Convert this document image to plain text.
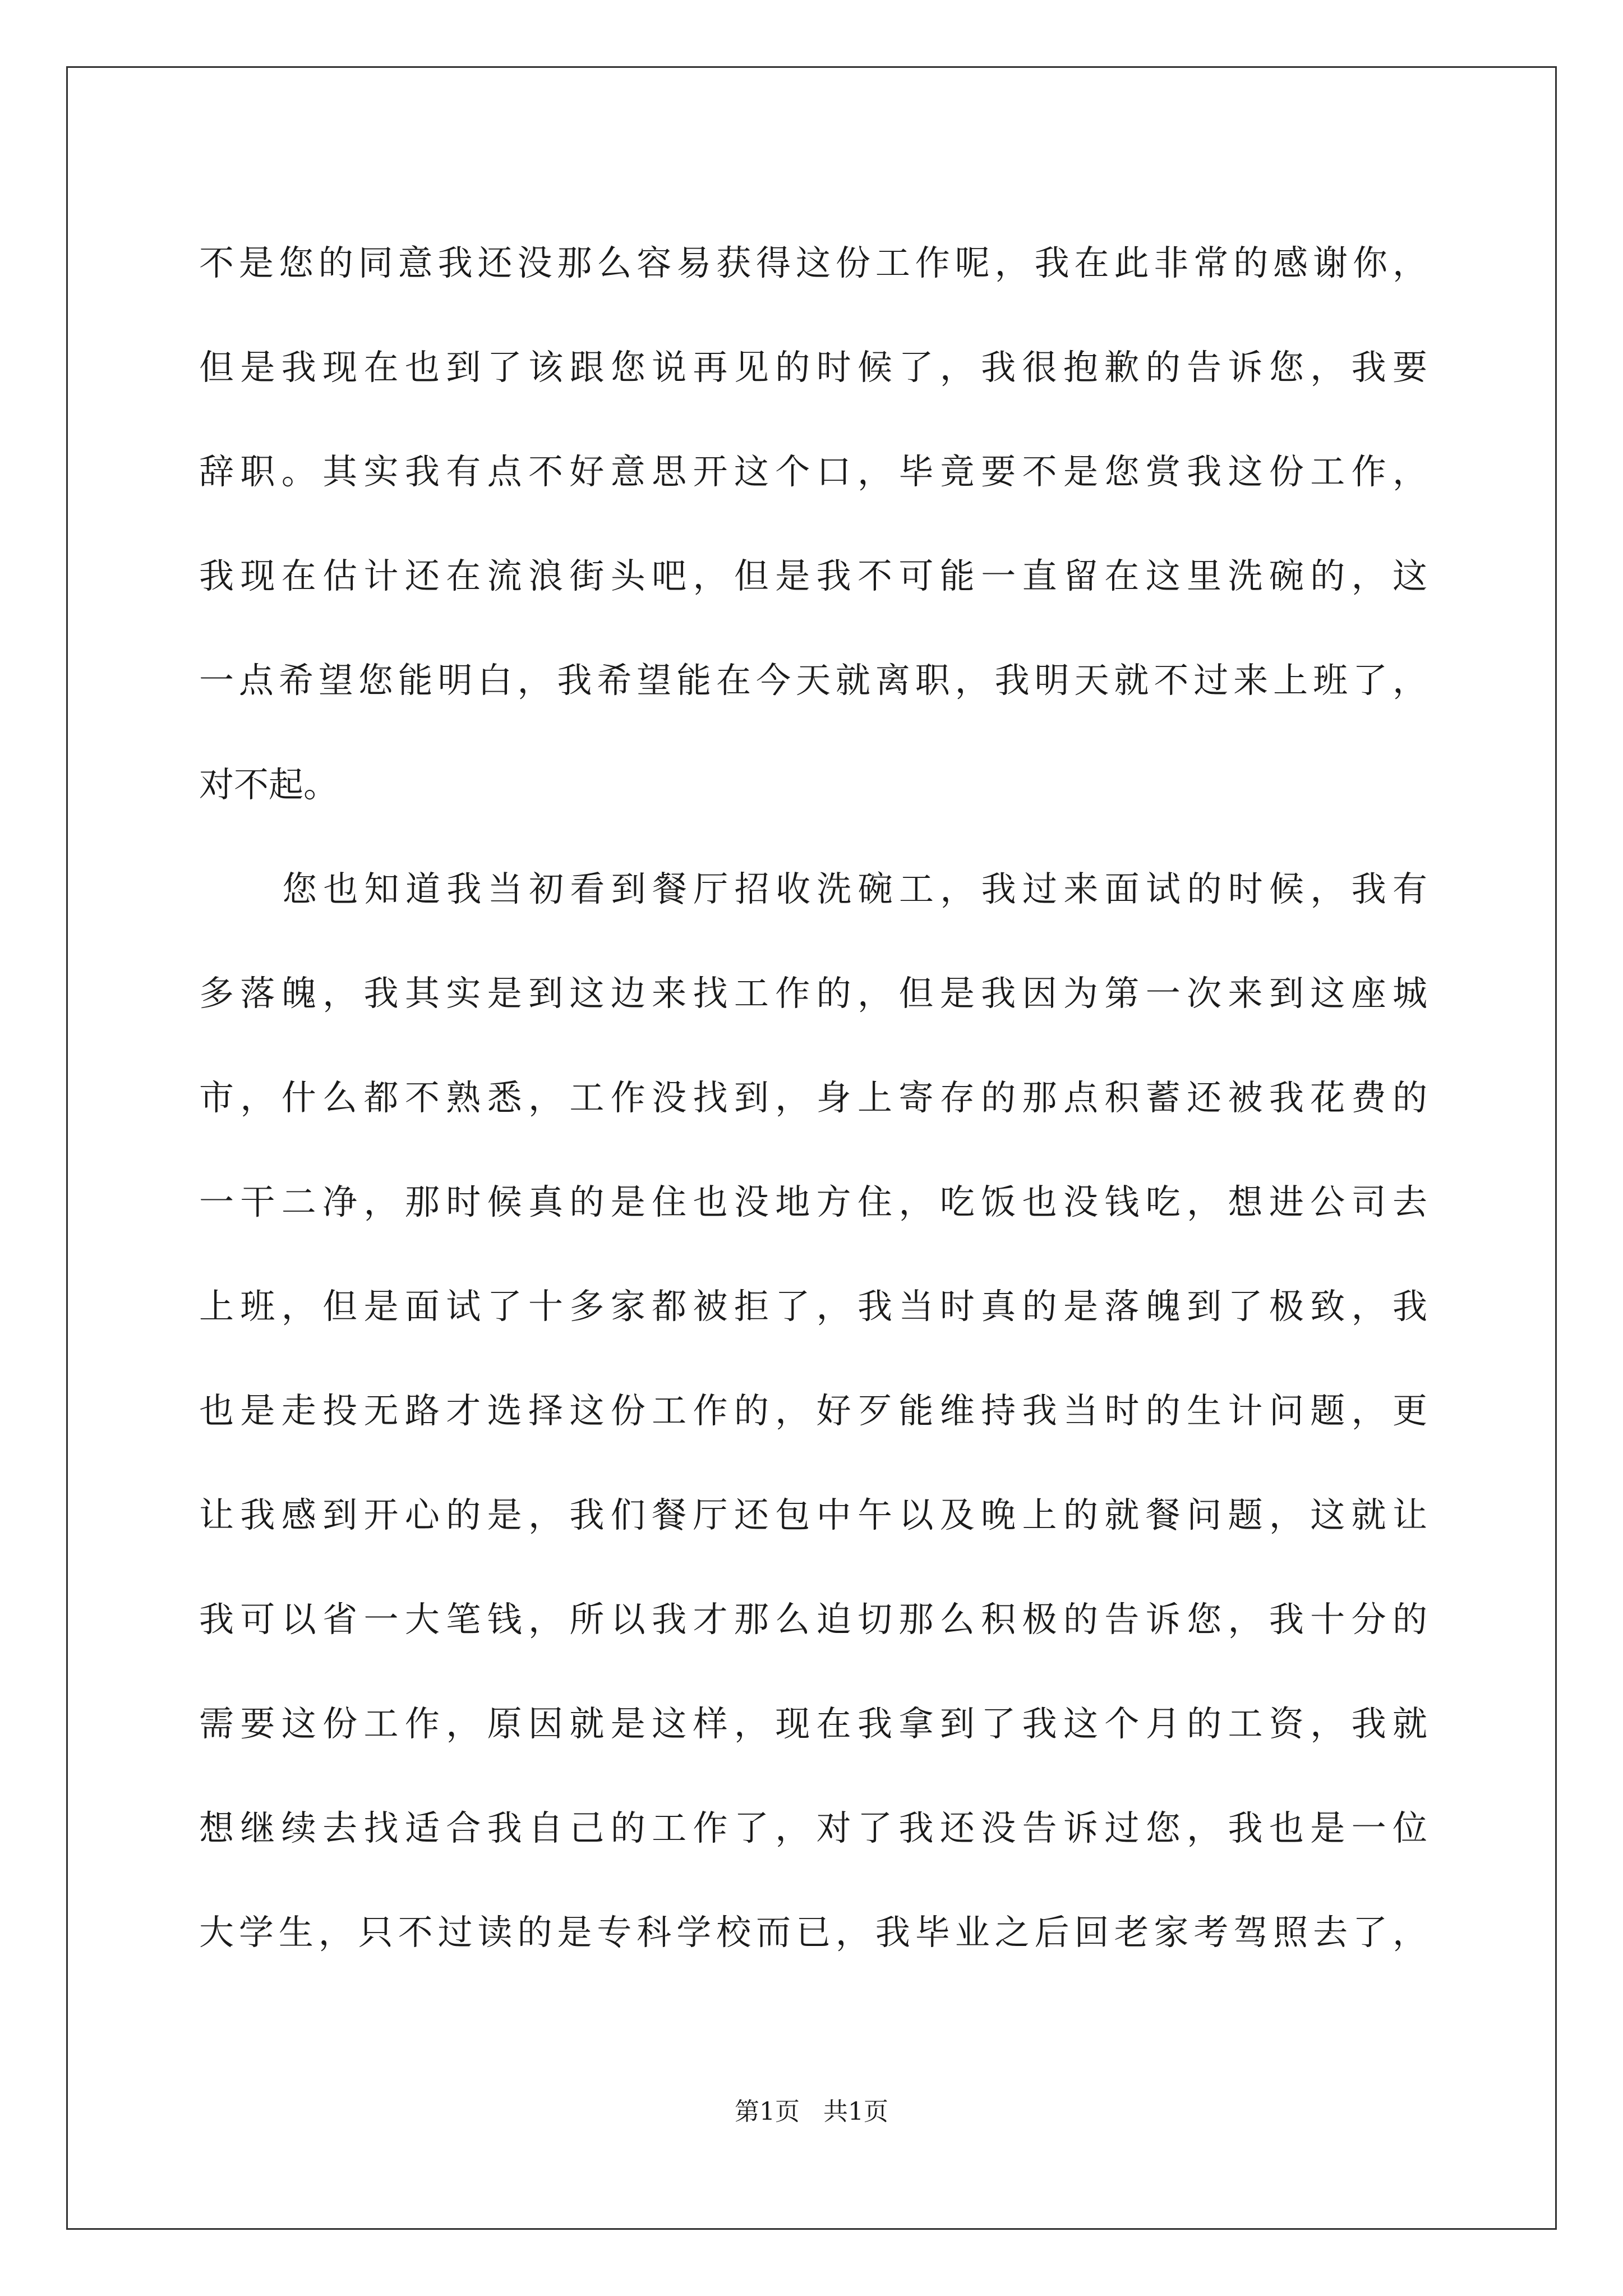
不是您的同意我还没那么容易获得这份工作呢，我在此非常的感谢你，
但是我现在也到了该跟您说再见的时候了，我很抱歉的告诉您，我要
辞职。其实我有点不好意思开这个口，毕竟要不是您赏我这份工作，
我现在估计还在流浪街头吧，但是我不可能一直留在这里洗碗的，这
一点希望您能明白，我希望能在今天就离职，我明天就不过来上班了，
对不起。
您也知道我当初看到餐厅招收洗碗工，我过来面试的时候，我有
多落魄，我其实是到这边来找工作的，但是我因为第一次来到这座城
市，什么都不熟悉，工作没找到，身上寄存的那点积蓄还被我花费的
一干二净，那时候真的是住也没地方住，吃饭也没钱吃，想进公司去
上班，但是面试了十多家都被拒了，我当时真的是落魄到了极致，我
也是走投无路才选择这份工作的，好歹能维持我当时的生计问题，更
让我感到开心的是，我们餐厅还包中午以及晚上的就餐问题，这就让
我可以省一大笔钱，所以我才那么迫切那么积极的告诉您，我十分的
需要这份工作，原因就是这样，现在我拿到了我这个月的工资，我就
想继续去找适合我自己的工作了，对了我还没告诉过您，我也是一位
大学生，只不过读的是专科学校而已，我毕业之后回老家考驾照去了，
第1页   共1页
